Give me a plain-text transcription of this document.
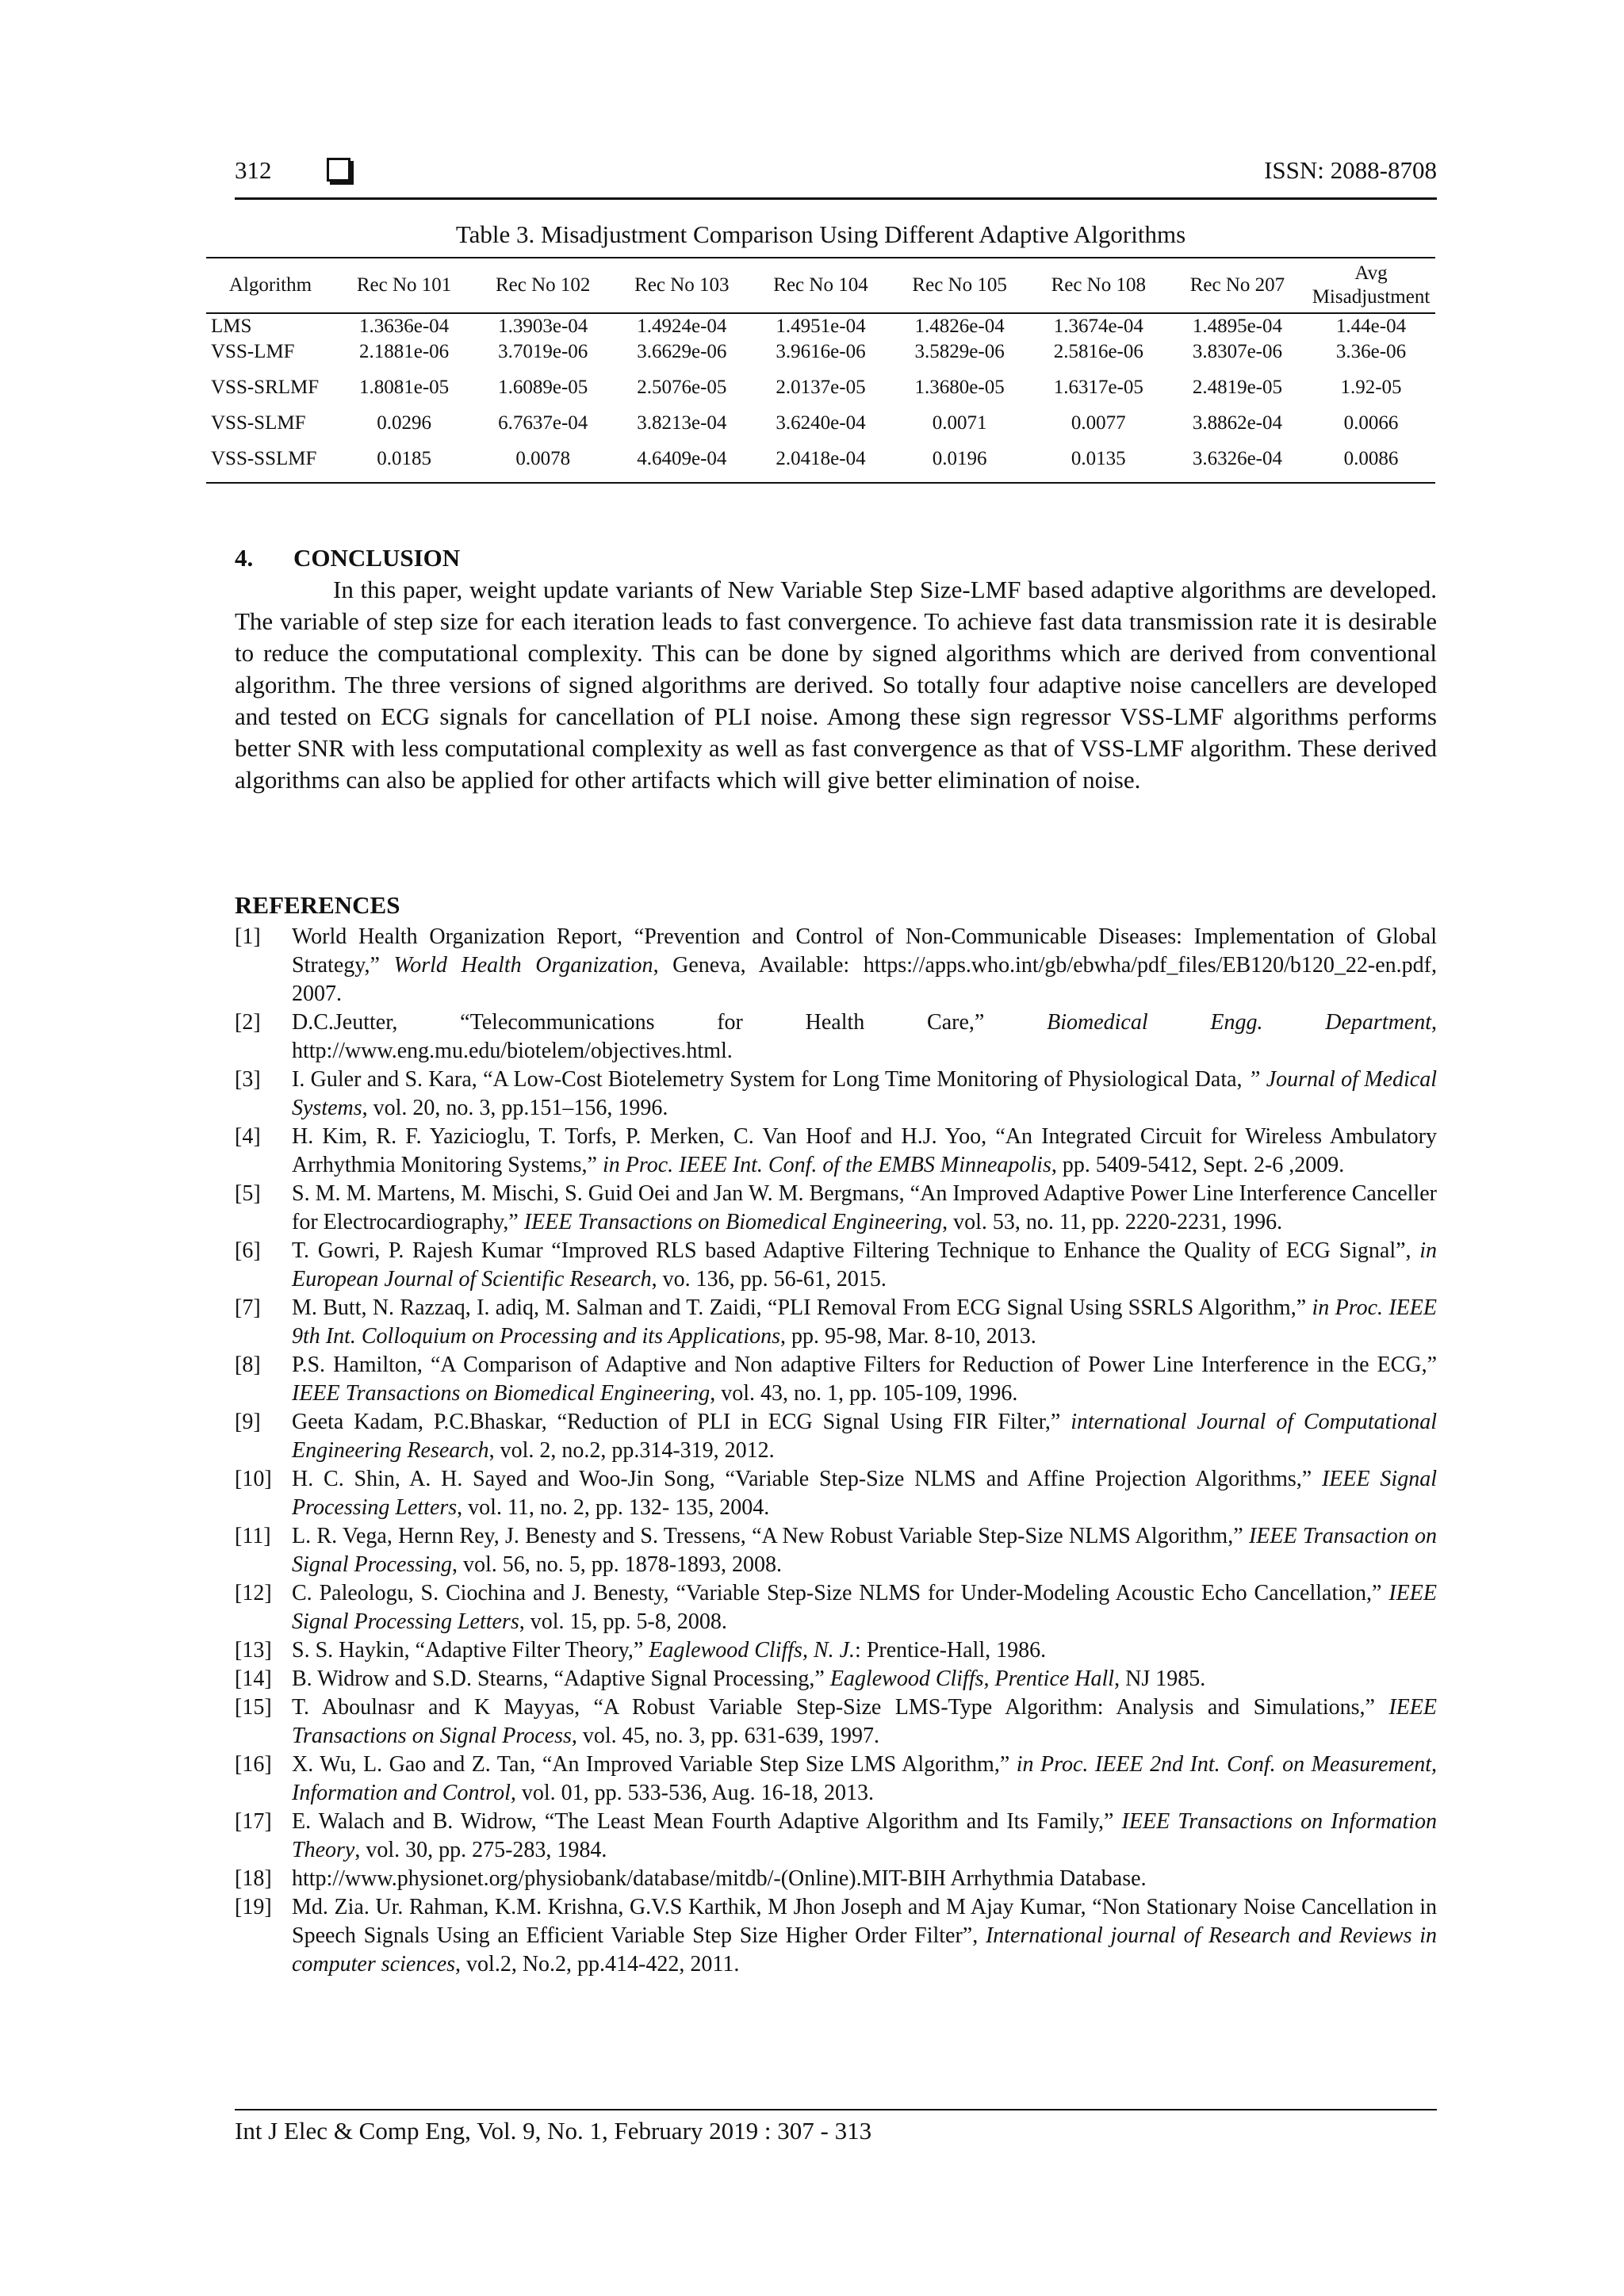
312	ISSN: 2088-8708
Table 3. Misadjustment Comparison Using Different Adaptive Algorithms
Algorithm	Rec No 101	Rec No 102	Rec No 103	Rec No 104	Rec No 105	Rec No 108	Rec No 207	Avg Misadjustment
LMS	1.3636e-04	1.3903e-04	1.4924e-04	1.4951e-04	1.4826e-04	1.3674e-04	1.4895e-04	1.44e-04
VSS-LMF	2.1881e-06	3.7019e-06	3.6629e-06	3.9616e-06	3.5829e-06	2.5816e-06	3.8307e-06	3.36e-06
VSS-SRLMF	1.8081e-05	1.6089e-05	2.5076e-05	2.0137e-05	1.3680e-05	1.6317e-05	2.4819e-05	1.92-05
VSS-SLMF	0.0296	6.7637e-04	3.8213e-04	3.6240e-04	0.0071	0.0077	3.8862e-04	0.0066
VSS-SSLMF	0.0185	0.0078	4.6409e-04	2.0418e-04	0.0196	0.0135	3.6326e-04	0.0086
4. CONCLUSION

In this paper, weight update variants of New Variable Step Size-LMF based adaptive algorithms are developed. The variable of step size for each iteration leads to fast convergence. To achieve fast data transmission rate it is desirable to reduce the computational complexity. This can be done by signed algorithms which are derived from conventional algorithm. The three versions of signed algorithms are derived. So totally four adaptive noise cancellers are developed and tested on ECG signals for cancellation of PLI noise. Among these sign regressor VSS-LMF algorithms performs better SNR with less computational complexity as well as fast convergence as that of VSS-LMF algorithm. These derived algorithms can also be applied for other artifacts which will give better elimination of noise.

REFERENCES
[1] World Health Organization Report, “Prevention and Control of Non-Communicable Diseases: Implementation of Global Strategy,” World Health Organization, Geneva, Available: https://apps.who.int/gb/ebwha/pdf_files/EB120/b120_22-en.pdf, 2007.
[2] D.C.Jeutter, “Telecommunications for Health Care,” Biomedical Engg. Department, http://www.eng.mu.edu/biotelem/objectives.html.
[3] I. Guler and S. Kara, “A Low-Cost Biotelemetry System for Long Time Monitoring of Physiological Data, ” Journal of Medical Systems, vol. 20, no. 3, pp.151–156, 1996.
[4] H. Kim, R. F. Yazicioglu, T. Torfs, P. Merken, C. Van Hoof and H.J. Yoo, “An Integrated Circuit for Wireless Ambulatory Arrhythmia Monitoring Systems,” in Proc. IEEE Int. Conf. of the EMBS Minneapolis, pp. 5409-5412, Sept. 2-6 ,2009.
[5] S. M. M. Martens, M. Mischi, S. Guid Oei and Jan W. M. Bergmans, “An Improved Adaptive Power Line Interference Canceller for Electrocardiography,” IEEE Transactions on Biomedical Engineering, vol. 53, no. 11, pp. 2220-2231, 1996.
[6] T. Gowri, P. Rajesh Kumar “Improved RLS based Adaptive Filtering Technique to Enhance the Quality of ECG Signal”, in European Journal of Scientific Research, vo. 136, pp. 56-61, 2015.
[7] M. Butt, N. Razzaq, I. adiq, M. Salman and T. Zaidi, “PLI Removal From ECG Signal Using SSRLS Algorithm,” in Proc. IEEE 9th Int. Colloquium on Processing and its Applications, pp. 95-98, Mar. 8-10, 2013.
[8] P.S. Hamilton, “A Comparison of Adaptive and Non adaptive Filters for Reduction of Power Line Interference in the ECG,” IEEE Transactions on Biomedical Engineering, vol. 43, no. 1, pp. 105-109, 1996.
[9] Geeta Kadam, P.C.Bhaskar, “Reduction of PLI in ECG Signal Using FIR Filter,” international Journal of Computational Engineering Research, vol. 2, no.2, pp.314-319, 2012.
[10] H. C. Shin, A. H. Sayed and Woo-Jin Song, “Variable Step-Size NLMS and Affine Projection Algorithms,” IEEE Signal Processing Letters, vol. 11, no. 2, pp. 132- 135, 2004.
[11] L. R. Vega, Hernn Rey, J. Benesty and S. Tressens, “A New Robust Variable Step-Size NLMS Algorithm,” IEEE Transaction on Signal Processing, vol. 56, no. 5, pp. 1878-1893, 2008.
[12] C. Paleologu, S. Ciochina and J. Benesty, “Variable Step-Size NLMS for Under-Modeling Acoustic Echo Cancellation,” IEEE Signal Processing Letters, vol. 15, pp. 5-8, 2008.
[13] S. S. Haykin, “Adaptive Filter Theory,” Eaglewood Cliffs, N. J.: Prentice-Hall, 1986.
[14] B. Widrow and S.D. Stearns, “Adaptive Signal Processing,” Eaglewood Cliffs, Prentice Hall, NJ 1985.
[15] T. Aboulnasr and K Mayyas, “A Robust Variable Step-Size LMS-Type Algorithm: Analysis and Simulations,” IEEE Transactions on Signal Process, vol. 45, no. 3, pp. 631-639, 1997.
[16] X. Wu, L. Gao and Z. Tan, “An Improved Variable Step Size LMS Algorithm,” in Proc. IEEE 2nd Int. Conf. on Measurement, Information and Control, vol. 01, pp. 533-536, Aug. 16-18, 2013.
[17] E. Walach and B. Widrow, “The Least Mean Fourth Adaptive Algorithm and Its Family,” IEEE Transactions on Information Theory, vol. 30, pp. 275-283, 1984.
[18] http://www.physionet.org/physiobank/database/mitdb/-(Online).MIT-BIH Arrhythmia Database.
[19] Md. Zia. Ur. Rahman, K.M. Krishna, G.V.S Karthik, M Jhon Joseph and M Ajay Kumar, “Non Stationary Noise Cancellation in Speech Signals Using an Efficient Variable Step Size Higher Order Filter”, International journal of Research and Reviews in computer sciences, vol.2, No.2, pp.414-422, 2011.
Int J Elec & Comp Eng, Vol. 9, No. 1, February 2019 : 307 - 313
